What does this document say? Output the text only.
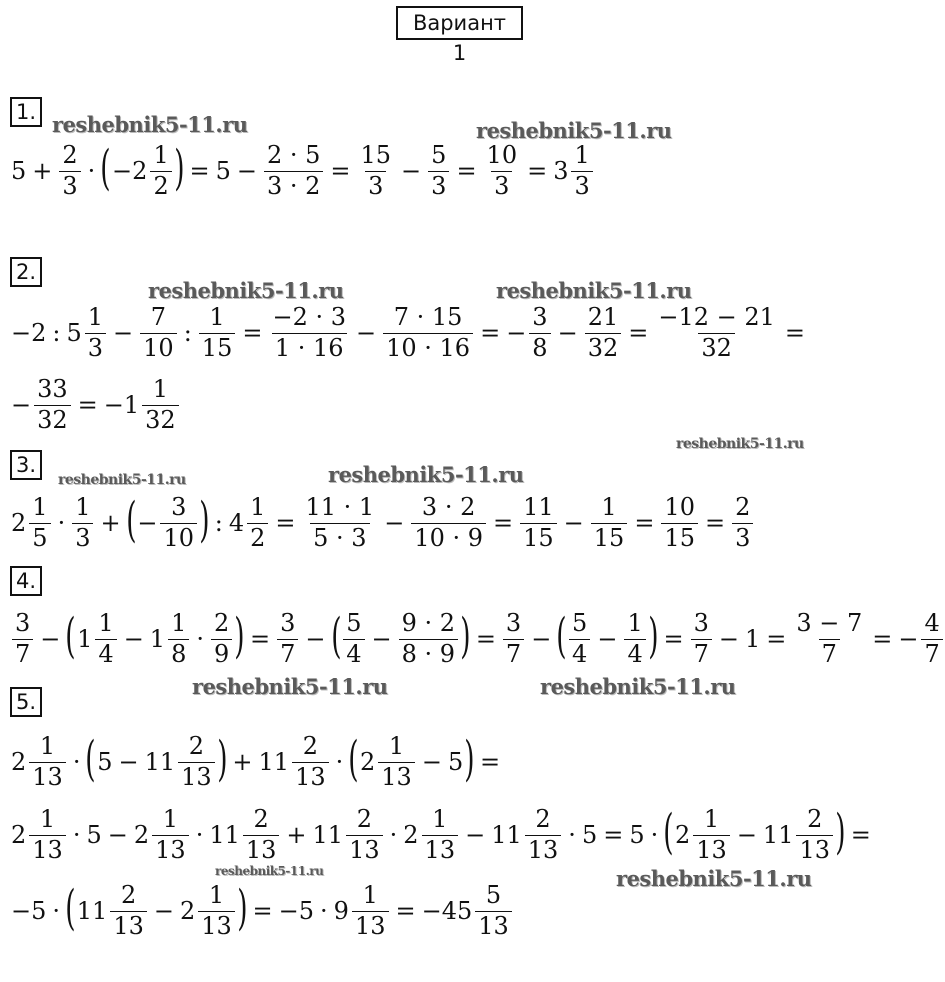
Вариант 1
1.
2.
3.
4.
5.
reshebnik5-11.ru	reshebnik5-11.ru
reshebnik5-11.ru	reshebnik5-11.ru
reshebnik5-11.ru
reshebnik5-11.ru	reshebnik5-11.ru
reshebnik5-11.ru	reshebnik5-11.ru
reshebnik5-11.ru	reshebnik5-11.ru
$5 + \frac{2}{3}$ · ( $-2 \frac{1}{2}$ ) = $5 - \frac{2 \cdot 5}{3 \cdot 2} = \frac{15}{3} - \frac{5}{3} = \frac{10}{3} = 3 \frac{1}{3}$
−2 : $5 \frac{1}{3} - \frac{7}{10}$ : $\frac{1}{15} = \frac{-2 \cdot 3}{1 \cdot 16} - \frac{7 \cdot 15}{10 \cdot 16}$ = − $\frac{3}{8} - \frac{21}{32} = \frac{-12 - 21}{32}$ =
− $\frac{33}{32} = -1 \frac{1}{32}$
$2 \frac{1}{5} \cdot \frac{1}{3}$ + ( − $\frac{3}{10}$ ) : $4 \frac{1}{2} = \frac{11 \cdot 1}{5 \cdot 3} - \frac{3 \cdot 2}{10 \cdot 9} = \frac{11}{15} - \frac{1}{15} = \frac{10}{15} = \frac{2}{3}$
$\frac{3}{7}$ − ( $1 \frac{1}{4} - 1 \frac{1}{8} \cdot \frac{2}{9}$ ) = $\frac{3}{7}$ − ( $\frac{5}{4} - \frac{9 \cdot 2}{8 \cdot 9}$ ) = $\frac{3}{7}$ − ( $\frac{5}{4} - \frac{1}{4}$ ) = $\frac{3}{7} - 1 = \frac{3 - 7}{7}$ = − $\frac{4}{7}$
$2 \frac{1}{13}$ · ( $5 - 11 \frac{2}{13}$ ) + $11 \frac{2}{13}$ · ( $2 \frac{1}{13} - 5$ ) =
$2 \frac{1}{13} \cdot 5 - 2 \frac{1}{13} \cdot 11 \frac{2}{13} + 11 \frac{2}{13} \cdot 2 \frac{1}{13} - 11 \frac{2}{13} \cdot 5 = 5$ · ( $2 \frac{1}{13} - 11 \frac{2}{13}$ ) =
−5 · ( $11 \frac{2}{13} - 2 \frac{1}{13}$ ) = $-5 \cdot 9 \frac{1}{13} = -45 \frac{5}{13}$
